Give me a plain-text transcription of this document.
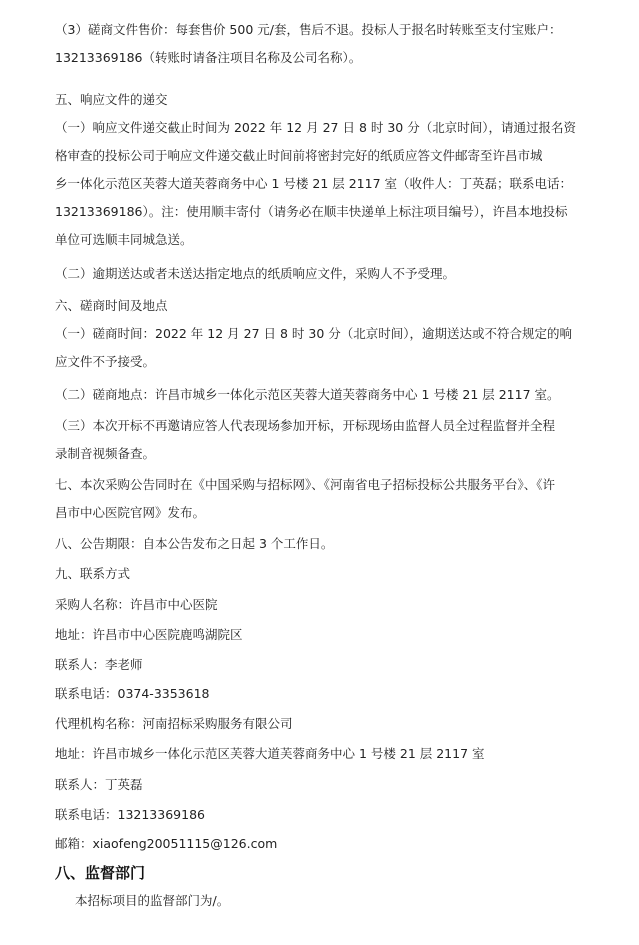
（3）磋商文件售价：每套售价 500 元/套，售后不退。投标人于报名时转账至支付宝账户：
13213369186（转账时请备注项目名称及公司名称）。
五、响应文件的递交
（一）响应文件递交截止时间为 2022 年 12 月 27 日 8 时 30 分（北京时间），请通过报名资
格审查的投标公司于响应文件递交截止时间前将密封完好的纸质应答文件邮寄至许昌市城
乡一体化示范区芙蓉大道芙蓉商务中心 1 号楼 21 层 2117 室（收件人：丁英磊；联系电话：
13213369186）。注：使用顺丰寄付（请务必在顺丰快递单上标注项目编号），许昌本地投标
单位可选顺丰同城急送。
（二）逾期送达或者未送达指定地点的纸质响应文件，采购人不予受理。
六、磋商时间及地点
（一）磋商时间：2022 年 12 月 27 日 8 时 30 分（北京时间），逾期送达或不符合规定的响
应文件不予接受。
（二）磋商地点：许昌市城乡一体化示范区芙蓉大道芙蓉商务中心 1 号楼 21 层 2117 室。
（三）本次开标不再邀请应答人代表现场参加开标，开标现场由监督人员全过程监督并全程
录制音视频备查。
七、本次采购公告同时在《中国采购与招标网》、《河南省电子招标投标公共服务平台》、《许
昌市中心医院官网》发布。
八、公告期限：自本公告发布之日起 3 个工作日。
九、联系方式
采购人名称：许昌市中心医院
地址：许昌市中心医院鹿鸣湖院区
联系人：李老师
联系电话：0374-3353618
代理机构名称：河南招标采购服务有限公司
地址：许昌市城乡一体化示范区芙蓉大道芙蓉商务中心 1 号楼 21 层 2117 室
联系人：丁英磊
联系电话：13213369186
邮箱：xiaofeng20051115@126.com
八、监督部门
本招标项目的监督部门为/。
